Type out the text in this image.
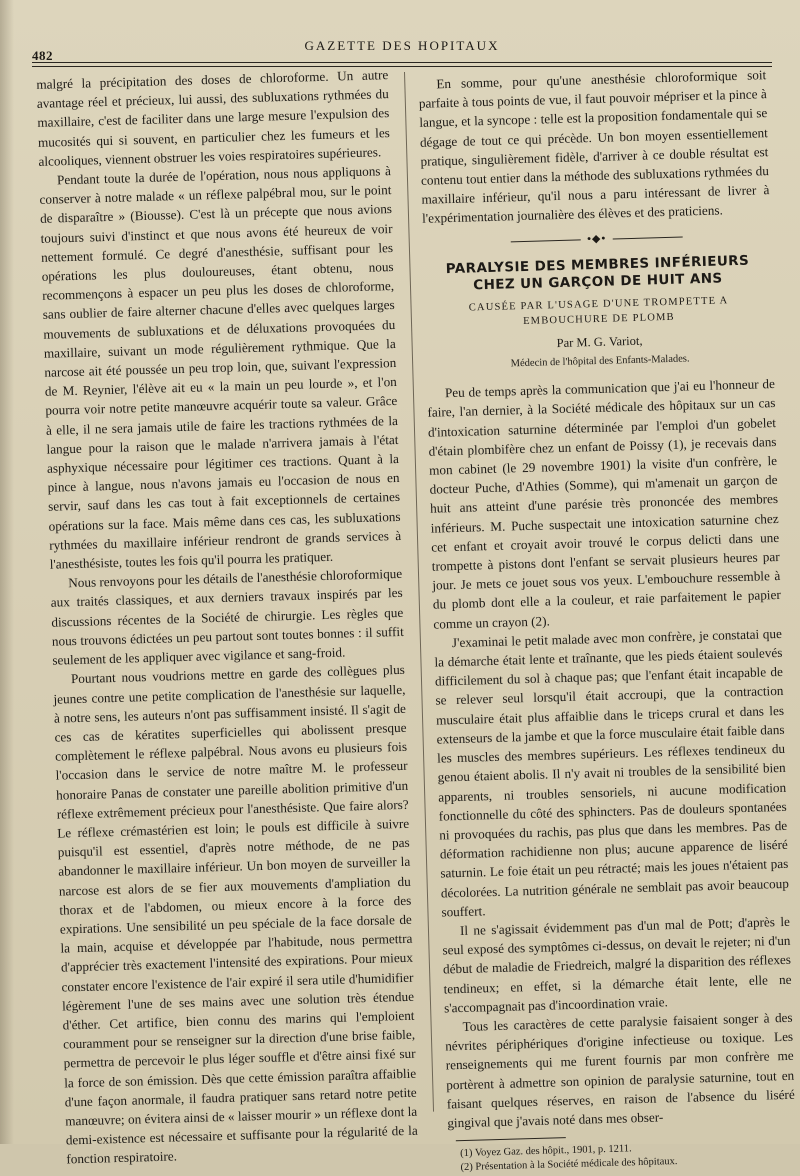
482
GAZETTE DES HOPITAUX

malgré la précipitation des doses de chloroforme. Un autre avantage réel et précieux, lui aussi, des subluxations rythmées du maxillaire, c'est de faciliter dans une large mesure l'expulsion des mucosités qui si souvent, en particulier chez les fumeurs et les alcooliques, viennent obstruer les voies respiratoires supérieures.

Pendant toute la durée de l'opération, nous nous appliquons à conserver à notre malade « un réflexe palpébral mou, sur le point de disparaître » (Biousse). C'est là un précepte que nous avions toujours suivi d'instinct et que nous avons été heureux de voir nettement formulé. Ce degré d'anesthésie, suffisant pour les opérations les plus douloureuses, étant obtenu, nous recommençons à espacer un peu plus les doses de chloroforme, sans oublier de faire alterner chacune d'elles avec quelques larges mouvements de subluxations et de déluxations provoquées du maxillaire, suivant un mode régulièrement rythmique. Que la narcose ait été poussée un peu trop loin, que, suivant l'expression de M. Reynier, l'élève ait eu « la main un peu lourde », et l'on pourra voir notre petite manœuvre acquérir toute sa valeur. Grâce à elle, il ne sera jamais utile de faire les tractions rythmées de la langue pour la raison que le malade n'arrivera jamais à l'état asphyxique nécessaire pour légitimer ces tractions. Quant à la pince à langue, nous n'avons jamais eu l'occasion de nous en servir, sauf dans les cas tout à fait exceptionnels de certaines opérations sur la face. Mais même dans ces cas, les subluxations rythmées du maxillaire inférieur rendront de grands services à l'anesthésiste, toutes les fois qu'il pourra les pratiquer.

Nous renvoyons pour les détails de l'anesthésie chloroformique aux traités classiques, et aux derniers travaux inspirés par les discussions récentes de la Société de chirurgie. Les règles que nous trouvons édictées un peu partout sont toutes bonnes : il suffit seulement de les appliquer avec vigilance et sang-froid.

Pourtant nous voudrions mettre en garde des collègues plus jeunes contre une petite complication de l'anesthésie sur laquelle, à notre sens, les auteurs n'ont pas suffisamment insisté. Il s'agit de ces cas de kératites superficielles qui abolissent presque complètement le réflexe palpébral. Nous avons eu plusieurs fois l'occasion dans le service de notre maître M. le professeur honoraire Panas de constater une pareille abolition primitive d'un réflexe extrêmement précieux pour l'anesthésiste. Que faire alors? Le réflexe crémastérien est loin; le pouls est difficile à suivre puisqu'il est essentiel, d'après notre méthode, de ne pas abandonner le maxillaire inférieur. Un bon moyen de surveiller la narcose est alors de se fier aux mouvements d'ampliation du thorax et de l'abdomen, ou mieux encore à la force des expirations. Une sensibilité un peu spéciale de la face dorsale de la main, acquise et développée par l'habitude, nous permettra d'apprécier très exactement l'intensité des expirations. Pour mieux constater encore l'existence de l'air expiré il sera utile d'humidifier légèrement l'une de ses mains avec une solution très étendue d'éther. Cet artifice, bien connu des marins qui l'emploient couramment pour se renseigner sur la direction d'une brise faible, permettra de percevoir le plus léger souffle et d'être ainsi fixé sur la force de son émission. Dès que cette émission paraîtra affaiblie d'une façon anormale, il faudra pratiquer sans retard notre petite manœuvre; on évitera ainsi de « laisser mourir » un réflexe dont la demi-existence est nécessaire et suffisante pour la régularité de la fonction respiratoire.

En somme, pour qu'une anesthésie chloroformique soit parfaite à tous points de vue, il faut pouvoir mépriser et la pince à langue, et la syncope : telle est la proposition fondamentale qui se dégage de tout ce qui précède. Un bon moyen essentiellement pratique, singulièrement fidèle, d'arriver à ce double résultat est contenu tout entier dans la méthode des subluxations rythmées du maxillaire inférieur, qu'il nous a paru intéressant de livrer à l'expérimentation journalière des élèves et des praticiens.

•◆•
PARALYSIE DES MEMBRES INFÉRIEURS CHEZ UN GARÇON DE HUIT ANS
CAUSÉE PAR L'USAGE D'UNE TROMPETTE A EMBOUCHURE DE PLOMB
Par M. G. Variot,
Médecin de l'hôpital des Enfants-Malades.

Peu de temps après la communication que j'ai eu l'honneur de faire, l'an dernier, à la Société médicale des hôpitaux sur un cas d'intoxication saturnine déterminée par l'emploi d'un gobelet d'étain plombifère chez un enfant de Poissy (1), je recevais dans mon cabinet (le 29 novembre 1901) la visite d'un confrère, le docteur Puche, d'Athies (Somme), qui m'amenait un garçon de huit ans atteint d'une parésie très prononcée des membres inférieurs. M. Puche suspectait une intoxication saturnine chez cet enfant et croyait avoir trouvé le corpus delicti dans une trompette à pistons dont l'enfant se servait plusieurs heures par jour. Je mets ce jouet sous vos yeux. L'embouchure ressemble à du plomb dont elle a la couleur, et raie parfaitement le papier comme un crayon (2).

J'examinai le petit malade avec mon confrère, je constatai que la démarche était lente et traînante, que les pieds étaient soulevés difficilement du sol à chaque pas; que l'enfant était incapable de se relever seul lorsqu'il était accroupi, que la contraction musculaire était plus affaiblie dans le triceps crural et dans les extenseurs de la jambe et que la force musculaire était faible dans les muscles des membres supérieurs. Les réflexes tendineux du genou étaient abolis. Il n'y avait ni troubles de la sensibilité bien apparents, ni troubles sensoriels, ni aucune modification fonctionnelle du côté des sphincters. Pas de douleurs spontanées ni provoquées du rachis, pas plus que dans les membres. Pas de déformation rachidienne non plus; aucune apparence de liséré saturnin. Le foie était un peu rétracté; mais les joues n'étaient pas décolorées. La nutrition générale ne semblait pas avoir beaucoup souffert.

Il ne s'agissait évidemment pas d'un mal de Pott; d'après le seul exposé des symptômes ci-dessus, on devait le rejeter; ni d'un début de maladie de Friedreich, malgré la disparition des réflexes tendineux; en effet, si la démarche était lente, elle ne s'accompagnait pas d'incoordination vraie.

Tous les caractères de cette paralysie faisaient songer à des névrites périphériques d'origine infectieuse ou toxique. Les renseignements qui me furent fournis par mon confrère me portèrent à admettre son opinion de paralysie saturnine, tout en faisant quelques réserves, en raison de l'absence du liséré gingival que j'avais noté dans mes obser-

(1) Voyez Gaz. des hôpit., 1901, p. 1211.
(2) Présentation à la Société médicale des hôpitaux.
